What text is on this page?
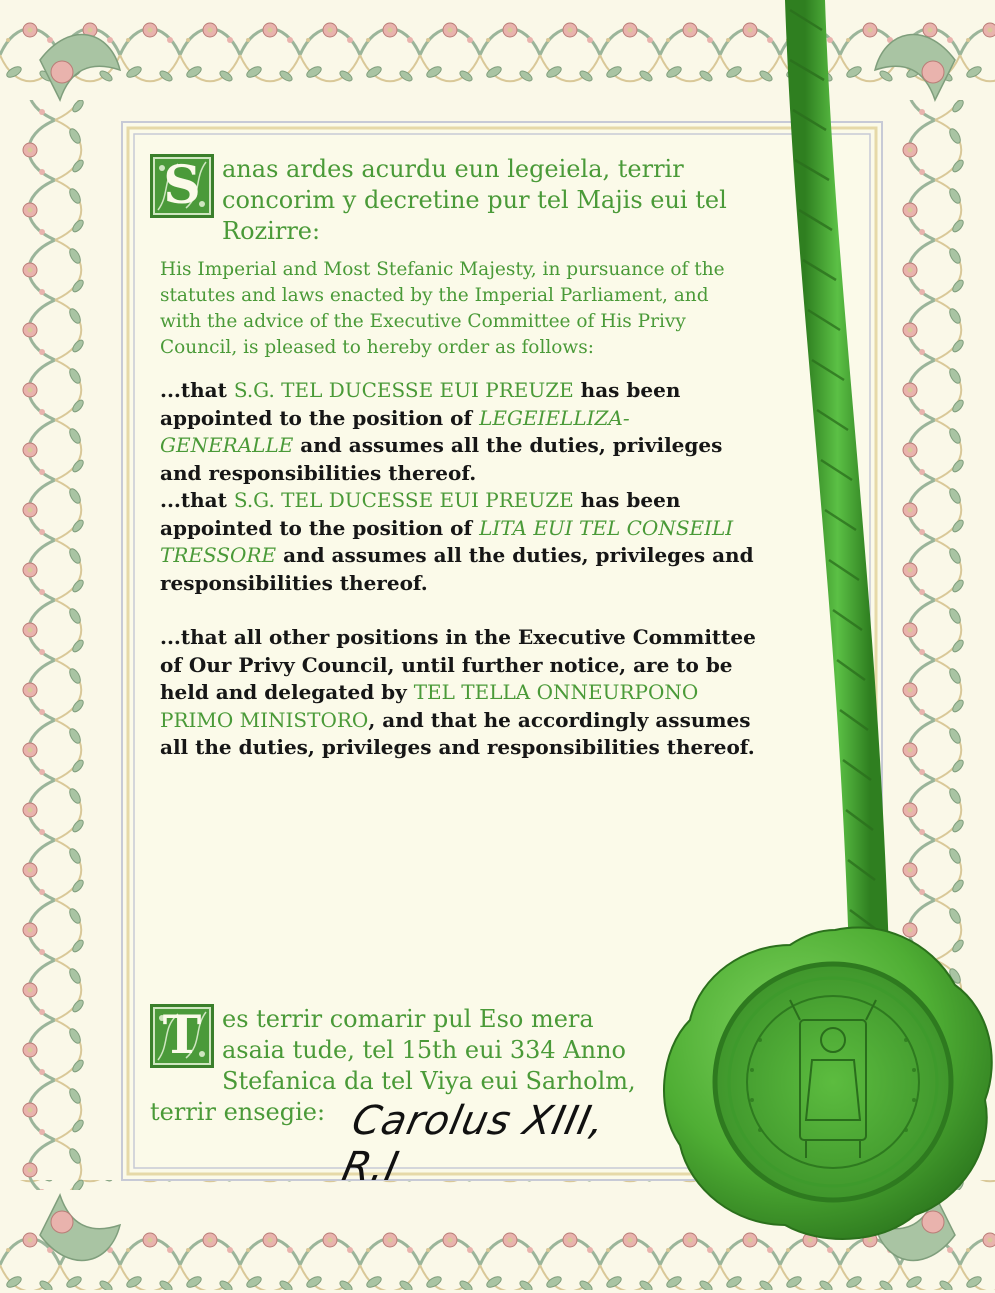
S anas ardes acurdu eun legeiela, terrir concorim y decretine pur tel Majis eui tel Rozirre:
His Imperial and Most Stefanic Majesty, in pursuance of the statutes and laws enacted by the Imperial Parliament, and with the advice of the Executive Committee of His Privy Council, is pleased to hereby order as follows:
...that S.G. TEL DUCESSE EUI PREUZE has been appointed to the position of LEGEIELLIZA-GENERALLE and assumes all the duties, privileges and responsibilities thereof.
...that S.G. TEL DUCESSE EUI PREUZE has been appointed to the position of LITA EUI TEL CONSEILI TRESSORE and assumes all the duties, privileges and responsibilities thereof.
...that all other positions in the Executive Committee of Our Privy Council, until further notice, are to be held and delegated by TEL TELLA ONNEURPONO PRIMO MINISTORO, and that he accordingly assumes all the duties, privileges and responsibilities thereof.
T es terrir comarir pul Eso mera asaia tude, tel 15th eui 334 Anno Stefanica da tel Viya eui Sarholm, terrir ensegie: Carolus XIII, R.I
